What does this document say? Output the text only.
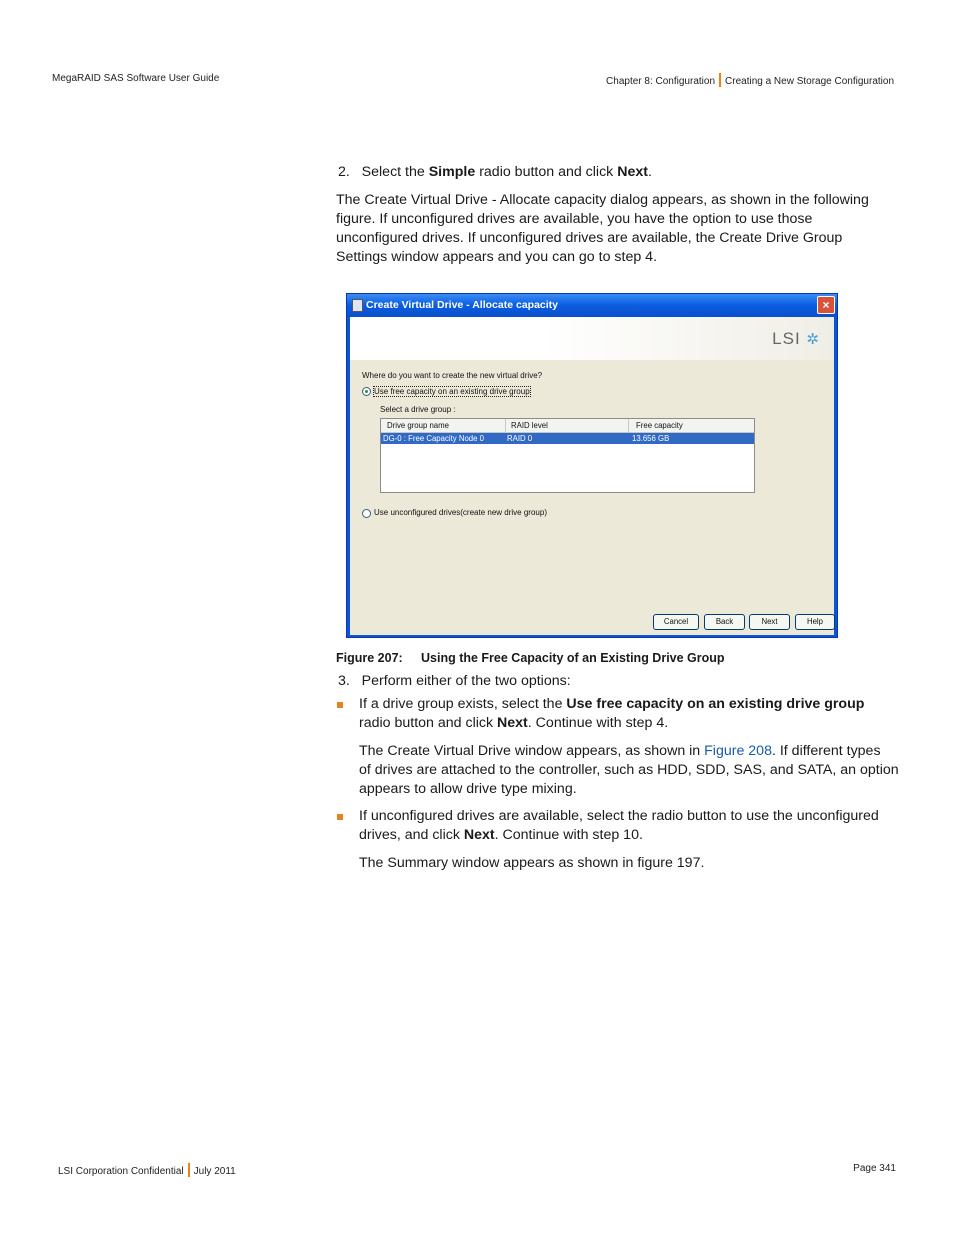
MegaRAID SAS Software User Guide	Chapter 8: Configuration Creating a New Storage Configuration

2. Select the Simple radio button and click Next.

The Create Virtual Drive - Allocate capacity dialog appears, as shown in the following

figure. If unconfigured drives are available, you have the option to use those

unconfigured drives. If unconfigured drives are available, the Create Drive Group

Settings window appears and you can go to step 4.

Create Virtual Drive - Allocate capacity	×
LSI ✲
Where do you want to create the new virtual drive?
Use free capacity on an existing drive group
Select a drive group :
Drive group name	RAID level	Free capacity
DG-0 : Free Capacity Node 0	RAID 0	13.656 GB
Use unconfigured drives(create new drive group)
Cancel	Back	Next	Help
Figure 207: Using the Free Capacity of an Existing Drive Group

3. Perform either of the two options:

If a drive group exists, select the Use free capacity on an existing drive group

radio button and click Next. Continue with step 4.

The Create Virtual Drive window appears, as shown in Figure 208. If different types

of drives are attached to the controller, such as HDD, SDD, SAS, and SATA, an option

appears to allow drive type mixing.

If unconfigured drives are available, select the radio button to use the unconfigured

drives, and click Next. Continue with step 10.

The Summary window appears as shown in figure 197.

LSI Corporation Confidential July 2011	Page 341
